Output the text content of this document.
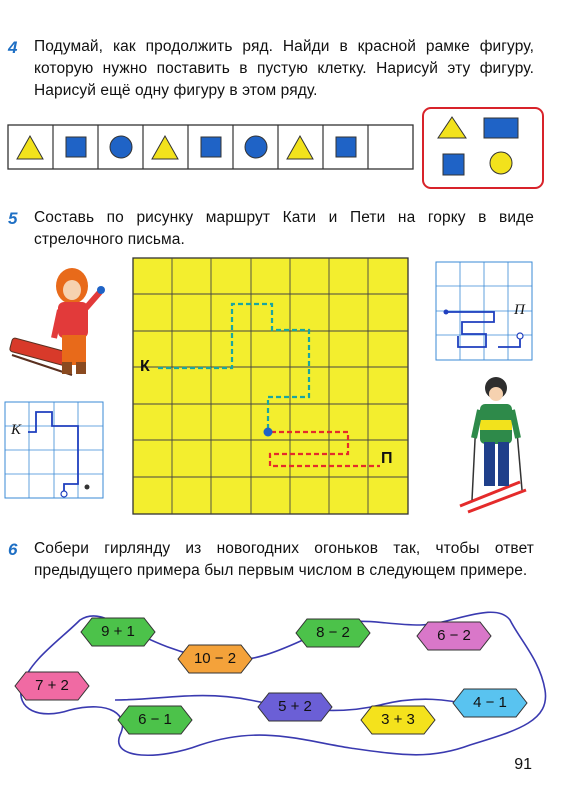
4 Подумай, как продолжить ряд. Найди в красной рамке фигуру, которую нужно поставить в пустую клетку. Нарисуй эту фигуру. Нарисуй ещё одну фигуру в этом ряду.
5 Составь по рисунку маршрут Кати и Пети на горку в виде стрелочного письма.
К
П
К
П
6 Собери гирлянду из новогодних огоньков так, чтобы ответ предыдущего примера был первым числом в следующем примере.
9 + 1
10 − 2
8 − 2	6 − 2
7 + 2
6 − 1
5 + 2
3 + 3
4 − 1
91
